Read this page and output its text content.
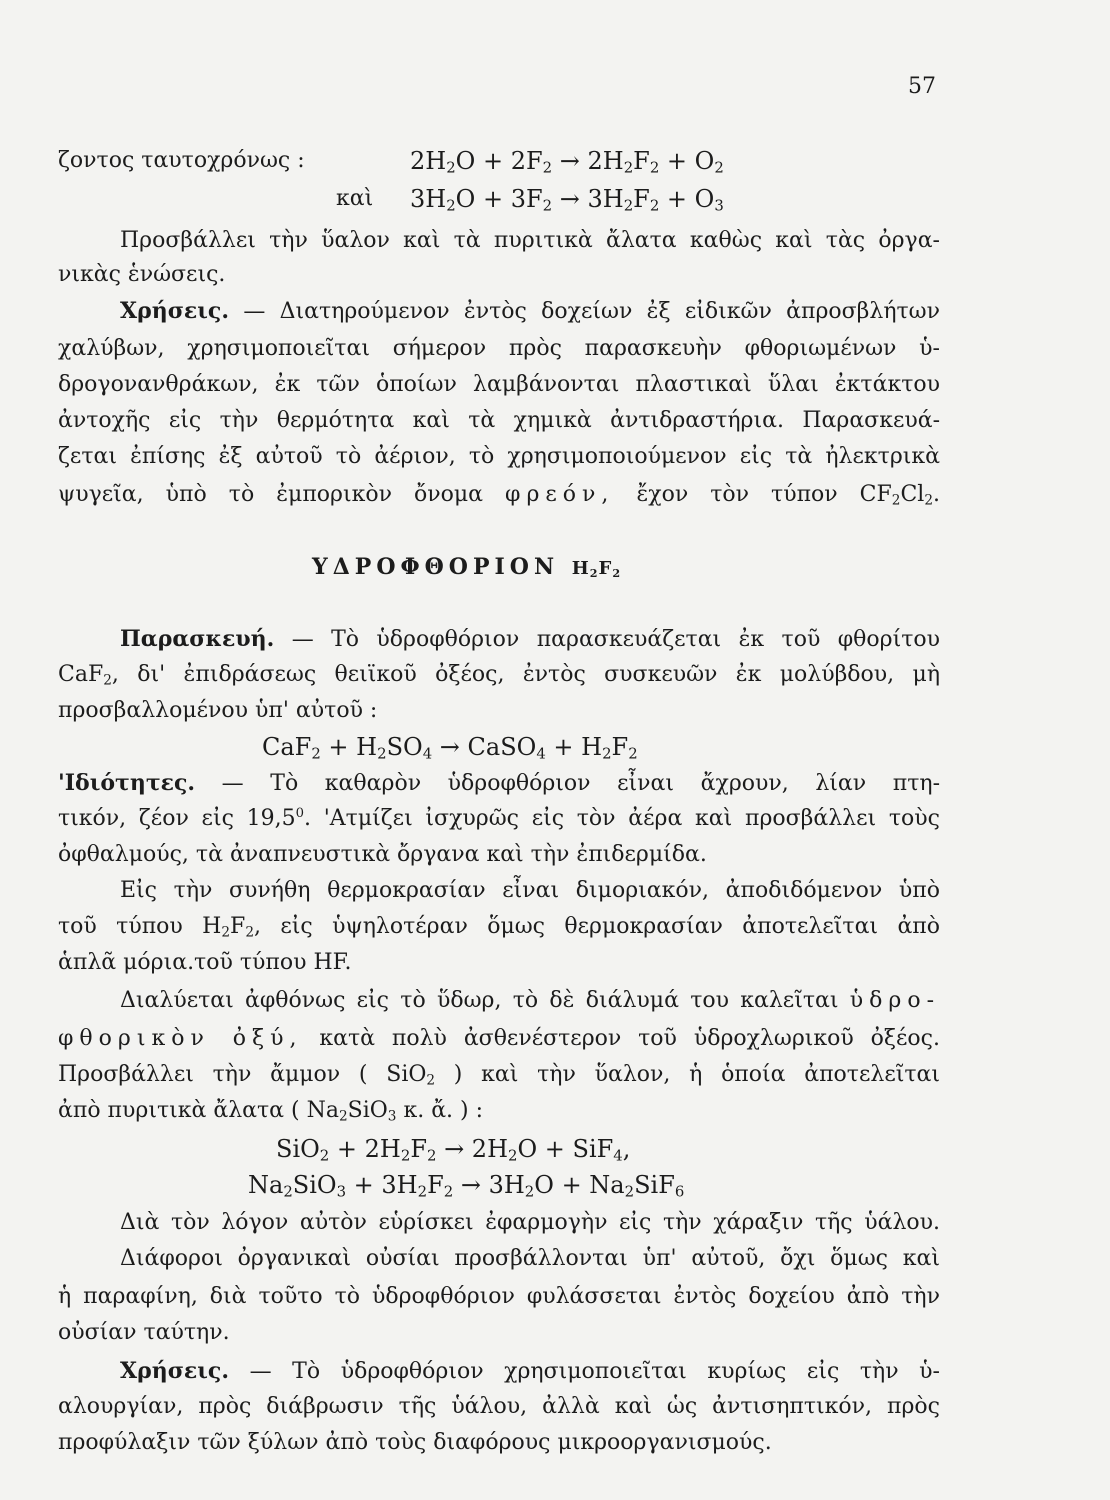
57
ζοντος ταυτοχρόνως :	$2H_2O + 2F_2 \to 2H_2F_2 + O_2$
καὶ	$3H_2O + 3F_2 \to 3H_2F_2 + O_3$
Προσβάλλει τὴν ὕαλον καὶ τὰ πυριτικὰ ἄλατα καθὼς καὶ τὰς ὀργα-
νικὰς ἑνώσεις.
Χρήσεις. — Διατηρούμενον ἐντὸς δοχείων ἐξ εἰδικῶν ἀπροσβλήτων
χαλύβων, χρησιμοποιεῖται σήμερον πρὸς παρασκευὴν φθοριωμένων ὑ-
δρογονανθράκων, ἐκ τῶν ὁποίων λαμβάνονται πλαστικαὶ ὕλαι ἐκτάκτου
ἀντοχῆς εἰς τὴν θερμότητα καὶ τὰ χημικὰ ἀντιδραστήρια. Παρασκευά-
ζεται ἐπίσης ἐξ αὐτοῦ τὸ ἀέριον, τὸ χρησιμοποιούμενον εἰς τὰ ἠλεκτρικὰ
ψυγεῖα, ὑπὸ τὸ ἐμπορικὸν ὄνομα φρεόν, ἔχον τὸν τύπον $CF_2Cl_2$.
ΥΔΡΟΦΘΟΡΙΟΝ $H_2F_2$
Παρασκευή. — Τὸ ὑδροφθόριον παρασκευάζεται ἐκ τοῦ φθορίτου
CaF$_2$, δι' ἐπιδράσεως θειϊκοῦ ὀξέος, ἐντὸς συσκευῶν ἐκ μολύβδου, μὴ
προσβαλλομένου ὑπ' αὐτοῦ :
$CaF_2 + H_2SO_4$ → CaSO$_4$ + $H_2F_2$
'Ιδιότητες. — Τὸ καθαρὸν ὑδροφθόριον εἶναι ἄχρουν, λίαν πτη-
τικόν, ζέον εἰς 19,5$^0$. 'Ατμίζει ἰσχυρῶς εἰς τὸν ἀέρα καὶ προσβάλλει τοὺς
ὀφθαλμούς, τὰ ἀναπνευστικὰ ὄργανα καὶ τὴν ἐπιδερμίδα.
Εἰς τὴν συνήθη θερμοκρασίαν εἶναι διμοριακόν, ἀποδιδόμενον ὑπὸ
τοῦ τύπου $H_2F_2$, εἰς ὑψηλοτέραν ὅμως θερμοκρασίαν ἀποτελεῖται ἀπὸ
ἁπλᾶ μόρια.τοῦ τύπου HF.
Διαλύεται ἀφθόνως εἰς τὸ ὕδωρ, τὸ δὲ διάλυμά του καλεῖται ὑδρο-
φθορικὸν ὀξύ, κατὰ πολὺ ἀσθενέστερον τοῦ ὑδροχλωρικοῦ ὀξέος.
Προσβάλλει τὴν ἄμμον ( SiO$_2$ ) καὶ τὴν ὕαλον, ἡ ὁποία ἀποτελεῖται
ἀπὸ πυριτικὰ ἄλατα ( $Na_2SiO_3$ κ. ἄ. ) :
$SiO_2 + 2H_2F_2 \to 2H_2O + SiF_4$,
$Na_2SiO_3 + 3H_2F_2 \to 3H_2O + Na_2SiF_6$
Διὰ τὸν λόγον αὐτὸν εὑρίσκει ἐφαρμογὴν εἰς τὴν χάραξιν τῆς ὑάλου.
Διάφοροι ὀργανικαὶ οὐσίαι προσβάλλονται ὑπ' αὐτοῦ, ὄχι ὅμως καὶ
ἡ παραφίνη, διὰ τοῦτο τὸ ὑδροφθόριον φυλάσσεται ἐντὸς δοχείου ἀπὸ τὴν
οὐσίαν ταύτην.
Χρήσεις. — Τὸ ὑδροφθόριον χρησιμοποιεῖται κυρίως εἰς τὴν ὑ-
αλουργίαν, πρὸς διάβρωσιν τῆς ὑάλου, ἀλλὰ καὶ ὡς ἀντισηπτικόν, πρὸς
προφύλαξιν τῶν ξύλων ἀπὸ τοὺς διαφόρους μικροοργανισμούς.
